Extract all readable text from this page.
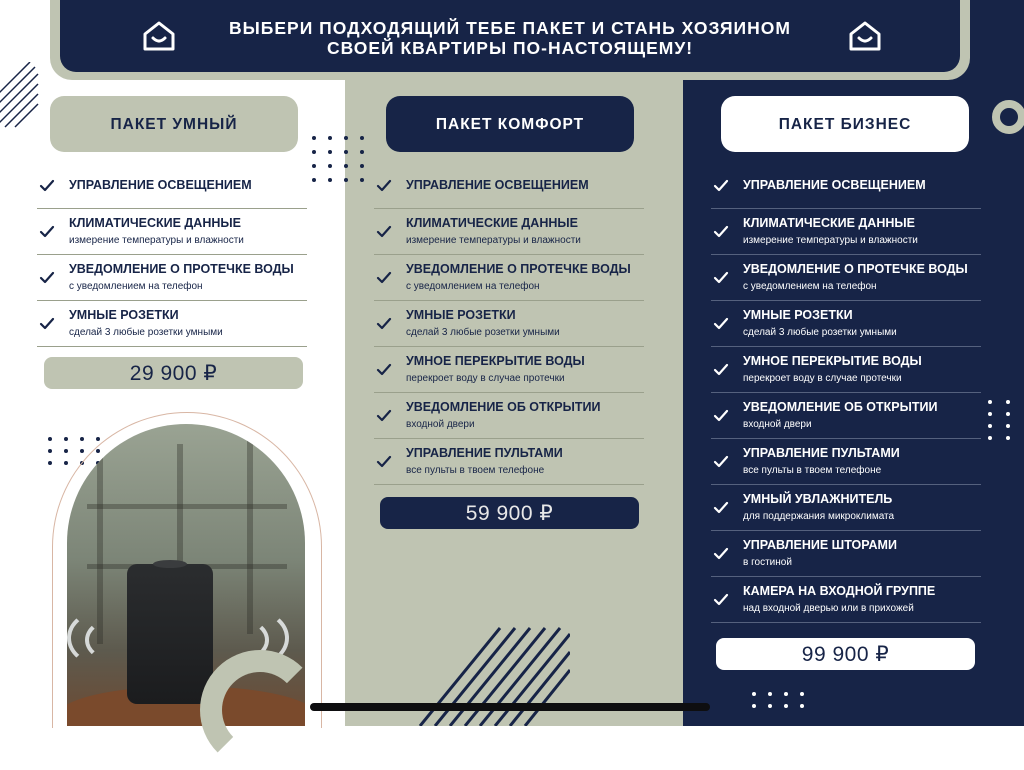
ВЫБЕРИ ПОДХОДЯЩИЙ ТЕБЕ ПАКЕТ И СТАНЬ ХОЗЯИНОМ СВОЕЙ КВАРТИРЫ ПО-НАСТОЯЩЕМУ!
ПАКЕТ УМНЫЙ	ПАКЕТ КОМФОРТ	ПАКЕТ БИЗНЕС
УПРАВЛЕНИЕ ОСВЕЩЕНИЕМ
КЛИМАТИЧЕСКИЕ ДАННЫЕ
измерение температуры и влажности
УВЕДОМЛЕНИЕ О ПРОТЕЧКЕ ВОДЫ
с уведомлением на телефон
УМНЫЕ РОЗЕТКИ
сделай 3 любые розетки умными
УПРАВЛЕНИЕ ОСВЕЩЕНИЕМ
КЛИМАТИЧЕСКИЕ ДАННЫЕ
измерение температуры и влажности
УВЕДОМЛЕНИЕ О ПРОТЕЧКЕ ВОДЫ
с уведомлением на телефон
УМНЫЕ РОЗЕТКИ
сделай 3 любые розетки умными
УМНОЕ ПЕРЕКРЫТИЕ ВОДЫ
перекроет воду в случае протечки
УВЕДОМЛЕНИЕ ОБ ОТКРЫТИИ
входной двери
УПРАВЛЕНИЕ ПУЛЬТАМИ
все пульты в твоем телефоне
УПРАВЛЕНИЕ ОСВЕЩЕНИЕМ
КЛИМАТИЧЕСКИЕ ДАННЫЕ
измерение температуры и влажности
УВЕДОМЛЕНИЕ О ПРОТЕЧКЕ ВОДЫ
с уведомлением на телефон
УМНЫЕ РОЗЕТКИ
сделай 3 любые розетки умными
УМНОЕ ПЕРЕКРЫТИЕ ВОДЫ
перекроет воду в случае протечки
УВЕДОМЛЕНИЕ ОБ ОТКРЫТИИ
входной двери
УПРАВЛЕНИЕ ПУЛЬТАМИ
все пульты в твоем телефоне
УМНЫЙ УВЛАЖНИТЕЛЬ
для поддержания микроклимата
УПРАВЛЕНИЕ ШТОРАМИ
в гостиной
КАМЕРА НА ВХОДНОЙ ГРУППЕ
над входной дверью или в прихожей
29 900 ₽
59 900 ₽
99 900 ₽
